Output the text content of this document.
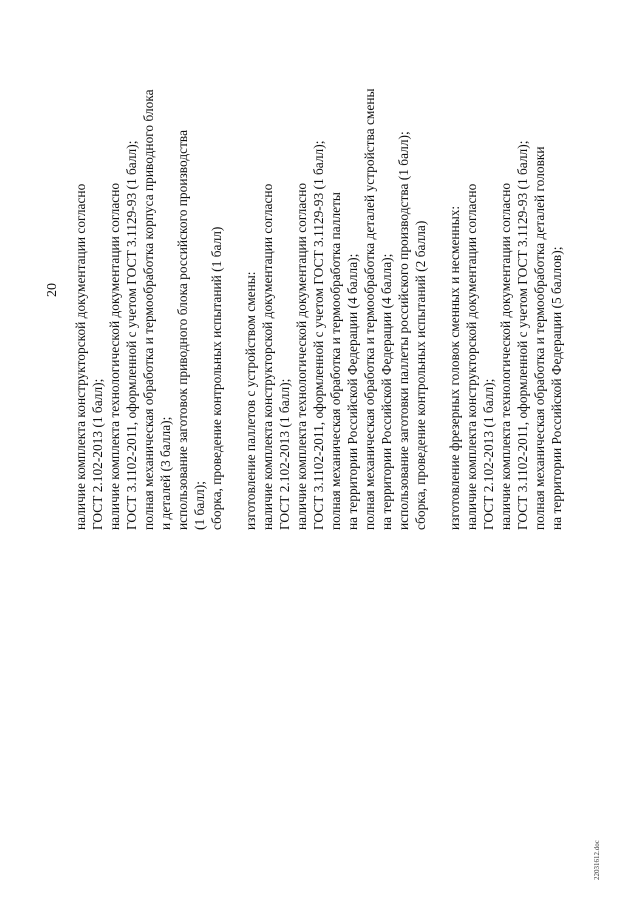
20 наличие комплекта конструкторской документации согласно ГОСТ 2.102-2013 (1 балл); наличие комплекта технологической документации согласно ГОСТ 3.1102-2011, оформленной с учетом ГОСТ 3.1129-93 (1 балл); полная механическая обработка и термообработка корпуса приводного блока и деталей (3 балла); использование заготовок приводного блока российского производства (1 балл); сборка, проведение контрольных испытаний (1 балл) изготовление паллетов с устройством смены: наличие комплекта конструкторской документации согласно ГОСТ 2.102-2013 (1 балл); наличие комплекта технологической документации согласно ГОСТ 3.1102-2011, оформленной с учетом ГОСТ 3.1129-93 (1 балл); полная механическая обработка и термообработка паллеты на территории Российской Федерации (4 балла); полная механическая обработка и термообработка деталей устройства смены на территории Российской Федерации (4 балла); использование заготовки паллеты российского производства (1 балл); сборка, проведение контрольных испытаний (2 балла) изготовление фрезерных головок сменных и несменных: наличие комплекта конструкторской документации согласно ГОСТ 2.102-2013 (1 балл); наличие комплекта технологической документации согласно ГОСТ 3.1102-2011, оформленной с учетом ГОСТ 3.1129-93 (1 балл); полная механическая обработка и термообработка деталей головки на территории Российской Федерации (5 баллов);
22031612.doc
